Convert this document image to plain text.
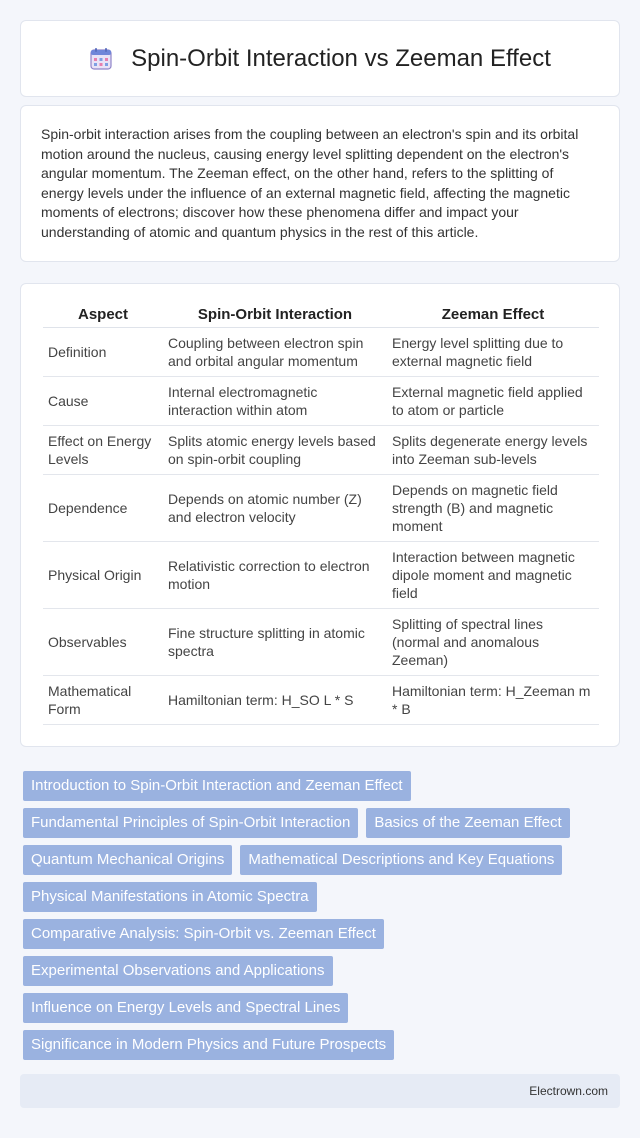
Spin-Orbit Interaction vs Zeeman Effect

Spin-orbit interaction arises from the coupling between an electron's spin and its orbital motion around the nucleus, causing energy level splitting dependent on the electron's angular momentum. The Zeeman effect, on the other hand, refers to the splitting of energy levels under the influence of an external magnetic field, affecting the magnetic moments of electrons; discover how these phenomena differ and impact your understanding of atomic and quantum physics in the rest of this article.

Aspect	Spin-Orbit Interaction	Zeeman Effect
Definition	Coupling between electron spin and orbital angular momentum	Energy level splitting due to external magnetic field
Cause	Internal electromagnetic interaction within atom	External magnetic field applied to atom or particle
Effect on Energy Levels	Splits atomic energy levels based on spin-orbit coupling	Splits degenerate energy levels into Zeeman sub-levels
Dependence	Depends on atomic number (Z) and electron velocity	Depends on magnetic field strength (B) and magnetic moment
Physical Origin	Relativistic correction to electron motion	Interaction between magnetic dipole moment and magnetic field
Observables	Fine structure splitting in atomic spectra	Splitting of spectral lines (normal and anomalous Zeeman)
Mathematical Form	Hamiltonian term: H_SO L * S	Hamiltonian term: H_Zeeman m * B
Introduction to Spin-Orbit Interaction and Zeeman Effect
Fundamental Principles of Spin-Orbit Interaction	Basics of the Zeeman Effect
Quantum Mechanical Origins	Mathematical Descriptions and Key Equations
Physical Manifestations in Atomic Spectra
Comparative Analysis: Spin-Orbit vs. Zeeman Effect
Experimental Observations and Applications
Influence on Energy Levels and Spectral Lines
Significance in Modern Physics and Future Prospects
Electrown.com
